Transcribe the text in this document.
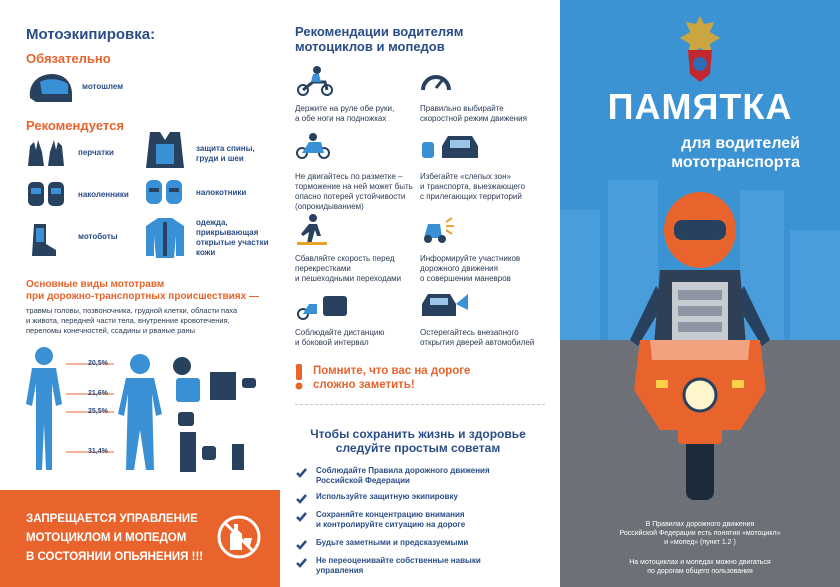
Мотоэкипировка:
Обязательно
мотошлем
Рекомендуется
перчатки
наколенники
мотоботы
защита спины, груди и шеи
налокотники
одежда, прикрывающая открытые участки кожи
Основные виды мототравм
при дорожно-транспортных происшествиях —
травмы головы, позвоночника, грудной клетки, области паха
и живота, передней части тела, внутренние кровотечения,
переломы конечностей, ссадины и рваные раны
20,5%
21,6%
25,5%
31,4%
ЗАПРЕЩАЕТСЯ УПРАВЛЕНИЕ
МОТОЦИКЛОМ И МОПЕДОМ
В СОСТОЯНИИ ОПЬЯНЕНИЯ !!!
Рекомендации водителям
мотоциклов и мопедов
Держите на руле обе руки,
а обе ноги на подножках
Правильно выбирайте
скоростной режим движения
Не двигайтесь по разметке –
торможение на ней может быть
опасно потерей устойчивости
(опрокидыванием)
Избегайте «слепых зон»
и транспорта, выезжающего
с прилегающих территорий
Сбавляйте скорость перед
перекрестками
и пешеходными переходами
Информируйте участников
дорожного движения
о совершении маневров
Соблюдайте дистанцию
и боковой интервал
Остерегайтесь внезапного
открытия дверей автомобилей
Помните, что вас на дороге
сложно заметить!
Чтобы сохранить жизнь и здоровье
следуйте простым советам
Соблюдайте Правила дорожного движения
Российской Федерации
Используйте защитную экипировку
Сохраняйте концентрацию внимания
и контролируйте ситуацию на дороге
Будьте заметными и предсказуемыми
Не переоценивайте собственные навыки
управления
ПАМЯТКА
для водителей
мототранспорта
В Правилах дорожного движения
Российской Федерации есть понятия «мотоцикл»
и «мопед» (пункт 1.2 )
На мотоциклах и мопедах можно двигаться
по дорогам общего пользования
